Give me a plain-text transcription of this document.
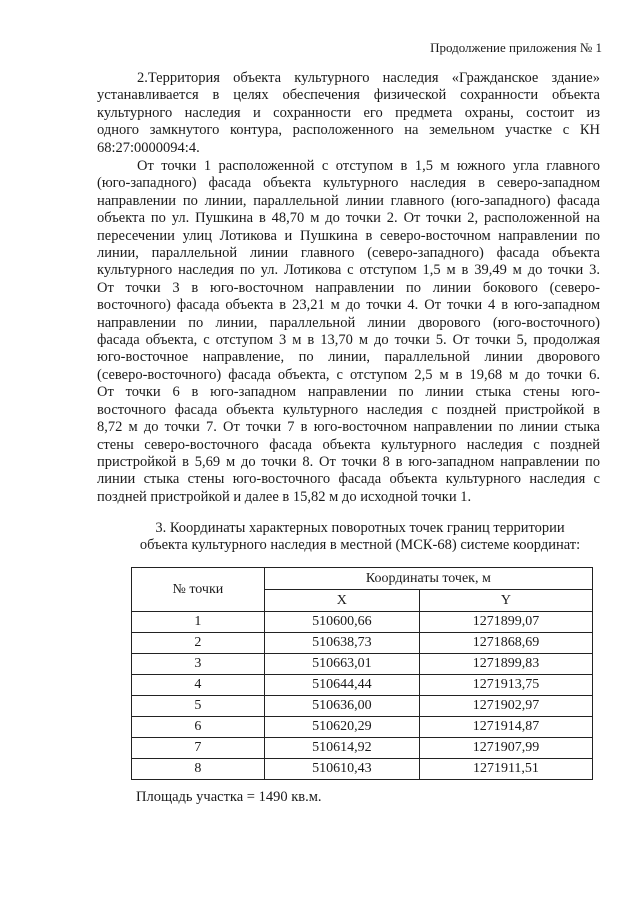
Продолжение приложения № 1
2.Территория объекта культурного наследия «Гражданское здание»
устанавливается в целях обеспечения физической сохранности объекта
культурного наследия и сохранности его предмета охраны, состоит из
одного замкнутого контура, расположенного на земельном участке с КН
68:27:0000094:4.
От точки 1 расположенной с отступом в 1,5 м южного угла главного
(юго-западного) фасада объекта культурного наследия в северо-западном
направлении по линии, параллельной линии главного (юго-западного) фасада
объекта по ул. Пушкина в 48,70 м до точки 2. От точки 2, расположенной на
пересечении улиц Лотикова и Пушкина в северо-восточном направлении по
линии, параллельной линии главного (северо-западного) фасада объекта
культурного наследия по ул. Лотикова с отступом 1,5 м в 39,49 м до точки 3.
От точки 3 в юго-восточном направлении по линии бокового (северо-
восточного) фасада объекта в 23,21 м до точки 4. От точки 4 в юго-западном
направлении по линии, параллельной линии дворового (юго-восточного)
фасада объекта, с отступом 3 м в 13,70 м до точки 5. От точки 5, продолжая
юго-восточное направление, по линии, параллельной линии дворового
(северо-восточного) фасада объекта, с отступом 2,5 м в 19,68 м до точки 6.
От точки 6 в юго-западном направлении по линии стыка стены юго-
восточного фасада объекта культурного наследия с поздней пристройкой в
8,72 м до точки 7. От точки 7 в юго-восточном направлении по линии стыка
стены северо-восточного фасада объекта культурного наследия с поздней
пристройкой в 5,69 м до точки 8. От точки 8 в юго-западном направлении по
линии стыка стены юго-восточного фасада объекта культурного наследия с
поздней пристройкой и далее в 15,82 м до исходной точки 1.
3. Координаты характерных поворотных точек границ территории
объекта культурного наследия в местной (МСК-68) системе координат:
№ точки	Координаты точек, м	
	X	Y
1	510600,66	1271899,07
2	510638,73	1271868,69
3	510663,01	1271899,83
4	510644,44	1271913,75
5	510636,00	1271902,97
6	510620,29	1271914,87
7	510614,92	1271907,99
8	510610,43	1271911,51
Площадь участка = 1490 кв.м.
